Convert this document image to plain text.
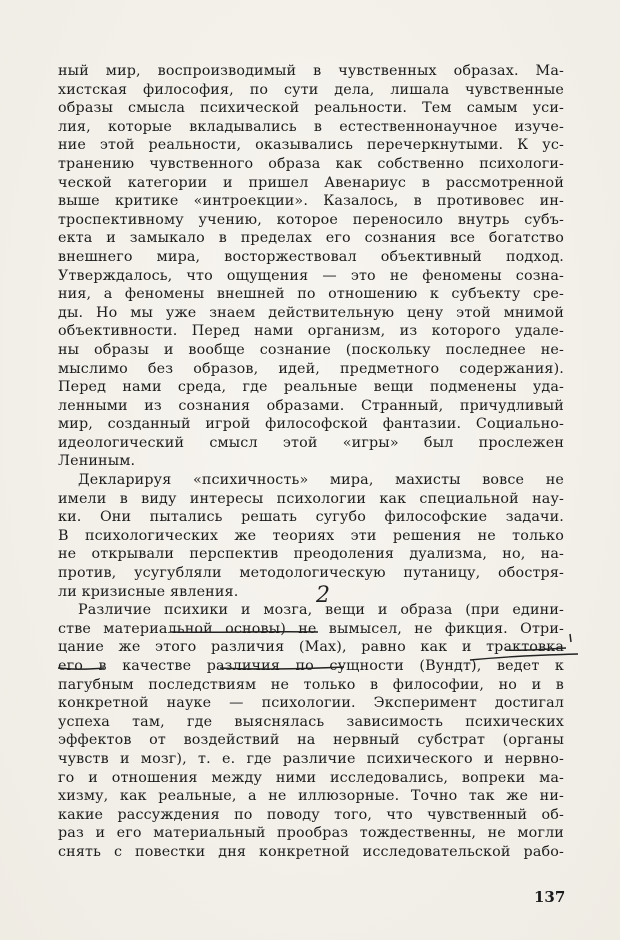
ный мир, воспроизводимый в чувственных образах. Ма-
хистская философия, по сути дела, лишала чувственные
образы смысла психической реальности. Тем самым уси-
лия, которые вкладывались в естественнонаучное изуче-
ние этой реальности, оказывались перечеркнутыми. К ус-
транению чувственного образа как собственно психологи-
ческой категории и пришел Авенариус в рассмотренной
выше критике «интроекции». Казалось, в противовес ин-
троспективному учению, которое переносило внутрь субъ-
екта и замыкало в пределах его сознания все богатство
внешнего мира, восторжествовал объективный подход.
Утверждалось, что ощущения — это не феномены созна-
ния, а феномены внешней по отношению к субъекту сре-
ды. Но мы уже знаем действительную цену этой мнимой
объективности. Перед нами организм, из которого удале-
ны образы и вообще сознание (поскольку последнее не-
мыслимо без образов, идей, предметного содержания).
Перед нами среда, где реальные вещи подменены уда-
ленными из сознания образами. Странный, причудливый
мир, созданный игрой философской фантазии. Социально-
идеологический смысл этой «игры» был прослежен
Лениным.
Декларируя «психичность» мира, махисты вовсе не
имели в виду интересы психологии как специальной нау-
ки. Они пытались решать сугубо философские задачи.
В психологических же теориях эти решения не только
не открывали перспектив преодоления дуализма, но, на-
против, усугубляли методологическую путаницу, обостря-
ли кризисные явления.
Различие психики и мозга, вещи и образа (при едини-
стве материальной основы) не вымысел, не фикция. Отри-
цание же этого различия (Мах), равно как и трактовка
его в качестве различия по сущности (Вундт), ведет к
пагубным последствиям не только в философии, но и в
конкретной науке — психологии. Эксперимент достигал
успеха там, где выяснялась зависимость психических
эффектов от воздействий на нервный субстрат (органы
чувств и мозг), т. е. где различие психического и нервно-
го и отношения между ними исследовались, вопреки ма-
хизму, как реальные, а не иллюзорные. Точно так же ни-
какие рассуждения по поводу того, что чувственный об-
раз и его материальный прообраз тождественны, не могли
снять с повестки дня конкретной исследовательской рабо-
2
137
